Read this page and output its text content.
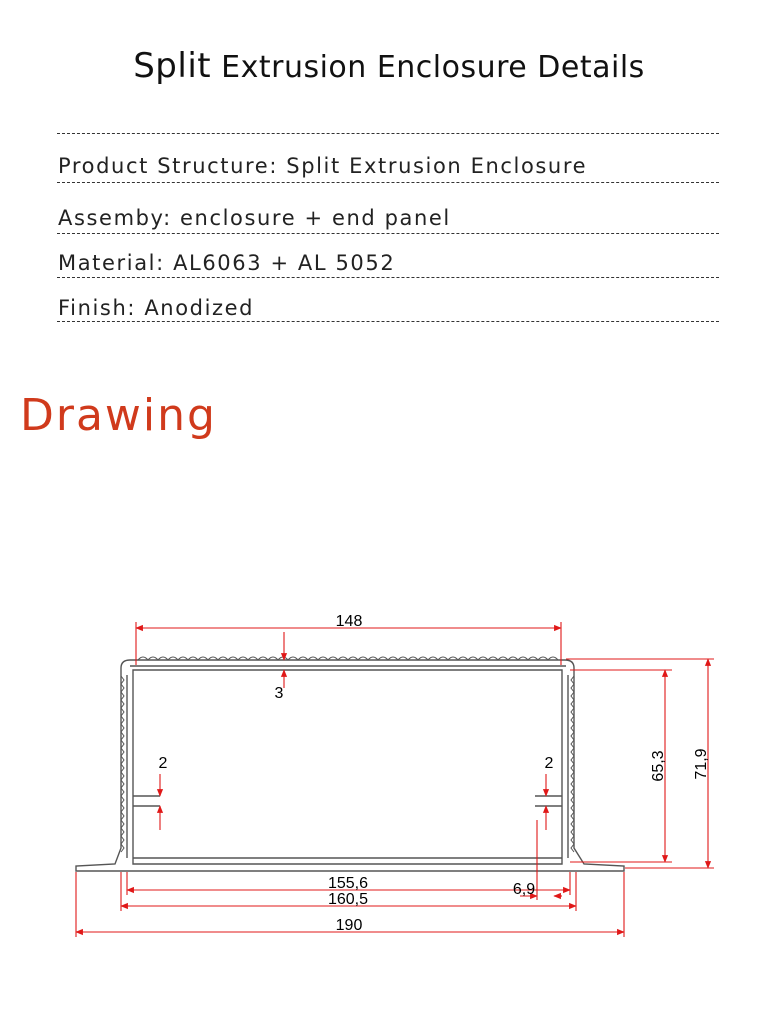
Split Extrusion Enclosure Details
Product Structure: Split Extrusion Enclosure
Assemby: enclosure + end panel
Material: AL6063 + AL 5052
Finish: Anodized
Drawing
148
3
2	2	65,3 71,9
155,6
160,5
6,9
190
